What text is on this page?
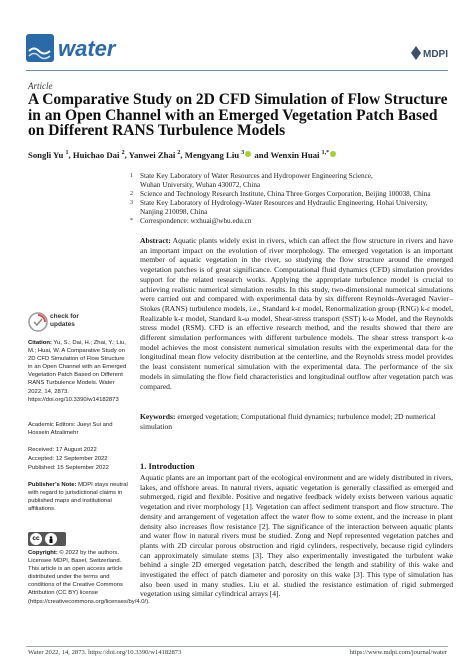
water	MDPI
Article
A Comparative Study on 2D CFD Simulation of Flow Structure in an Open Channel with an Emerged Vegetation Patch Based on Different RANS Turbulence Models
Songli Yu $^1$, Huichao Dai $^2$, Yanwei Zhai $^2$, Mengyang Liu $^3$ and Wenxin Huai $^{1,*}$
1 State Key Laboratory of Water Resources and Hydropower Engineering Science,
Wuhan University, Wuhan 430072, China
2 Science and Technology Research Institute, China Three Gorges Corporation, Beijing 100038, China
3 State Key Laboratory of Hydrology-Water Resources and Hydraulic Engineering, Hohai University,
Nanjing 210098, China
* Correspondence: wxhuai@whu.edu.cn
check for
updates
Citation: Yu, S.; Dai, H.; Zhai, Y.; Liu, M.; Huai, W. A Comparative Study on 2D CFD Simulation of Flow Structure in an Open Channel with an Emerged Vegetation Patch Based on Different RANS Turbulence Models. Water 2022, 14, 2873. https://doi.org/10.3390/w14182873
Academic Editors: Jueyi Sui and Hossein Afzalimehr
Received: 17 August 2022
Accepted: 12 September 2022
Published: 15 September 2022
Publisher’s Note: MDPI stays neutral with regard to jurisdictional claims in published maps and institutional affiliations.
cc
Copyright: © 2022 by the authors. Licensee MDPI, Basel, Switzerland. This article is an open access article distributed under the terms and conditions of the Creative Commons Attribution (CC BY) license (https://creativecommons.org/licenses/by/4.0/).
Abstract: Aquatic plants widely exist in rivers, which can affect the flow structure in rivers and have an important impact on the evolution of river morphology. The emerged vegetation is an important member of aquatic vegetation in the river, so studying the flow structure around the emerged vegetation patches is of great significance. Computational fluid dynamics (CFD) simulation provides support for the related research works. Applying the appropriate turbulence model is crucial to achieving realistic numerical simulation results. In this study, two-dimensional numerical simulations were carried out and compared with experimental data by six different Reynolds-Averaged Navier–Stokes (RANS) turbulence models, i.e., Standard k-ε model, Renormalization group (RNG) k-ε model, Realizable k-ε model, Standard k-ω model, Shear-stress transport (SST) k-ω Model, and the Reynolds stress model (RSM). CFD is an effective research method, and the results showed that there are different simulation performances with different turbulence models. The shear stress transport k-ω model achieves the most consistent numerical simulation results with the experimental data for the longitudinal mean flow velocity distribution at the centerline, and the Reynolds stress model provides the least consistent numerical simulation with the experimental data. The performance of the six models in simulating the flow field characteristics and longitudinal outflow after vegetation patch was compared.
Keywords: emerged vegetation; Computational fluid dynamics; turbulence model; 2D numerical simulation
1. Introduction
Aquatic plants are an important part of the ecological environment and are widely distributed in rivers, lakes, and offshore areas. In natural rivers, aquatic vegetation is generally classified as emerged and submerged, rigid and flexible. Positive and negative feedback widely exists between various aquatic vegetation and river morphology [1]. Vegetation can affect sediment transport and flow structure. The density and arrangement of vegetation affect the water flow to some extent, and the increase in plant density also increases flow resistance [2]. The significance of the interaction between aquatic plants and water flow in natural rivers must be studied. Zong and Nepf represented vegetation patches and plants with 2D circular porous obstruction and rigid cylinders, respectively, because rigid cylinders can approximately simulate stems [3]. They also experimentally investigated the turbulent wake behind a single 2D emerged vegetation patch, described the length and stability of this wake and investigated the effect of patch diameter and porosity on this wake [3]. This type of simulation has also been used in many studies. Liu et al. studied the resistance estimation of rigid submerged vegetation using similar cylindrical arrays [4].
Water 2022, 14, 2873. https://doi.org/10.3390/w14182873	https://www.mdpi.com/journal/water
